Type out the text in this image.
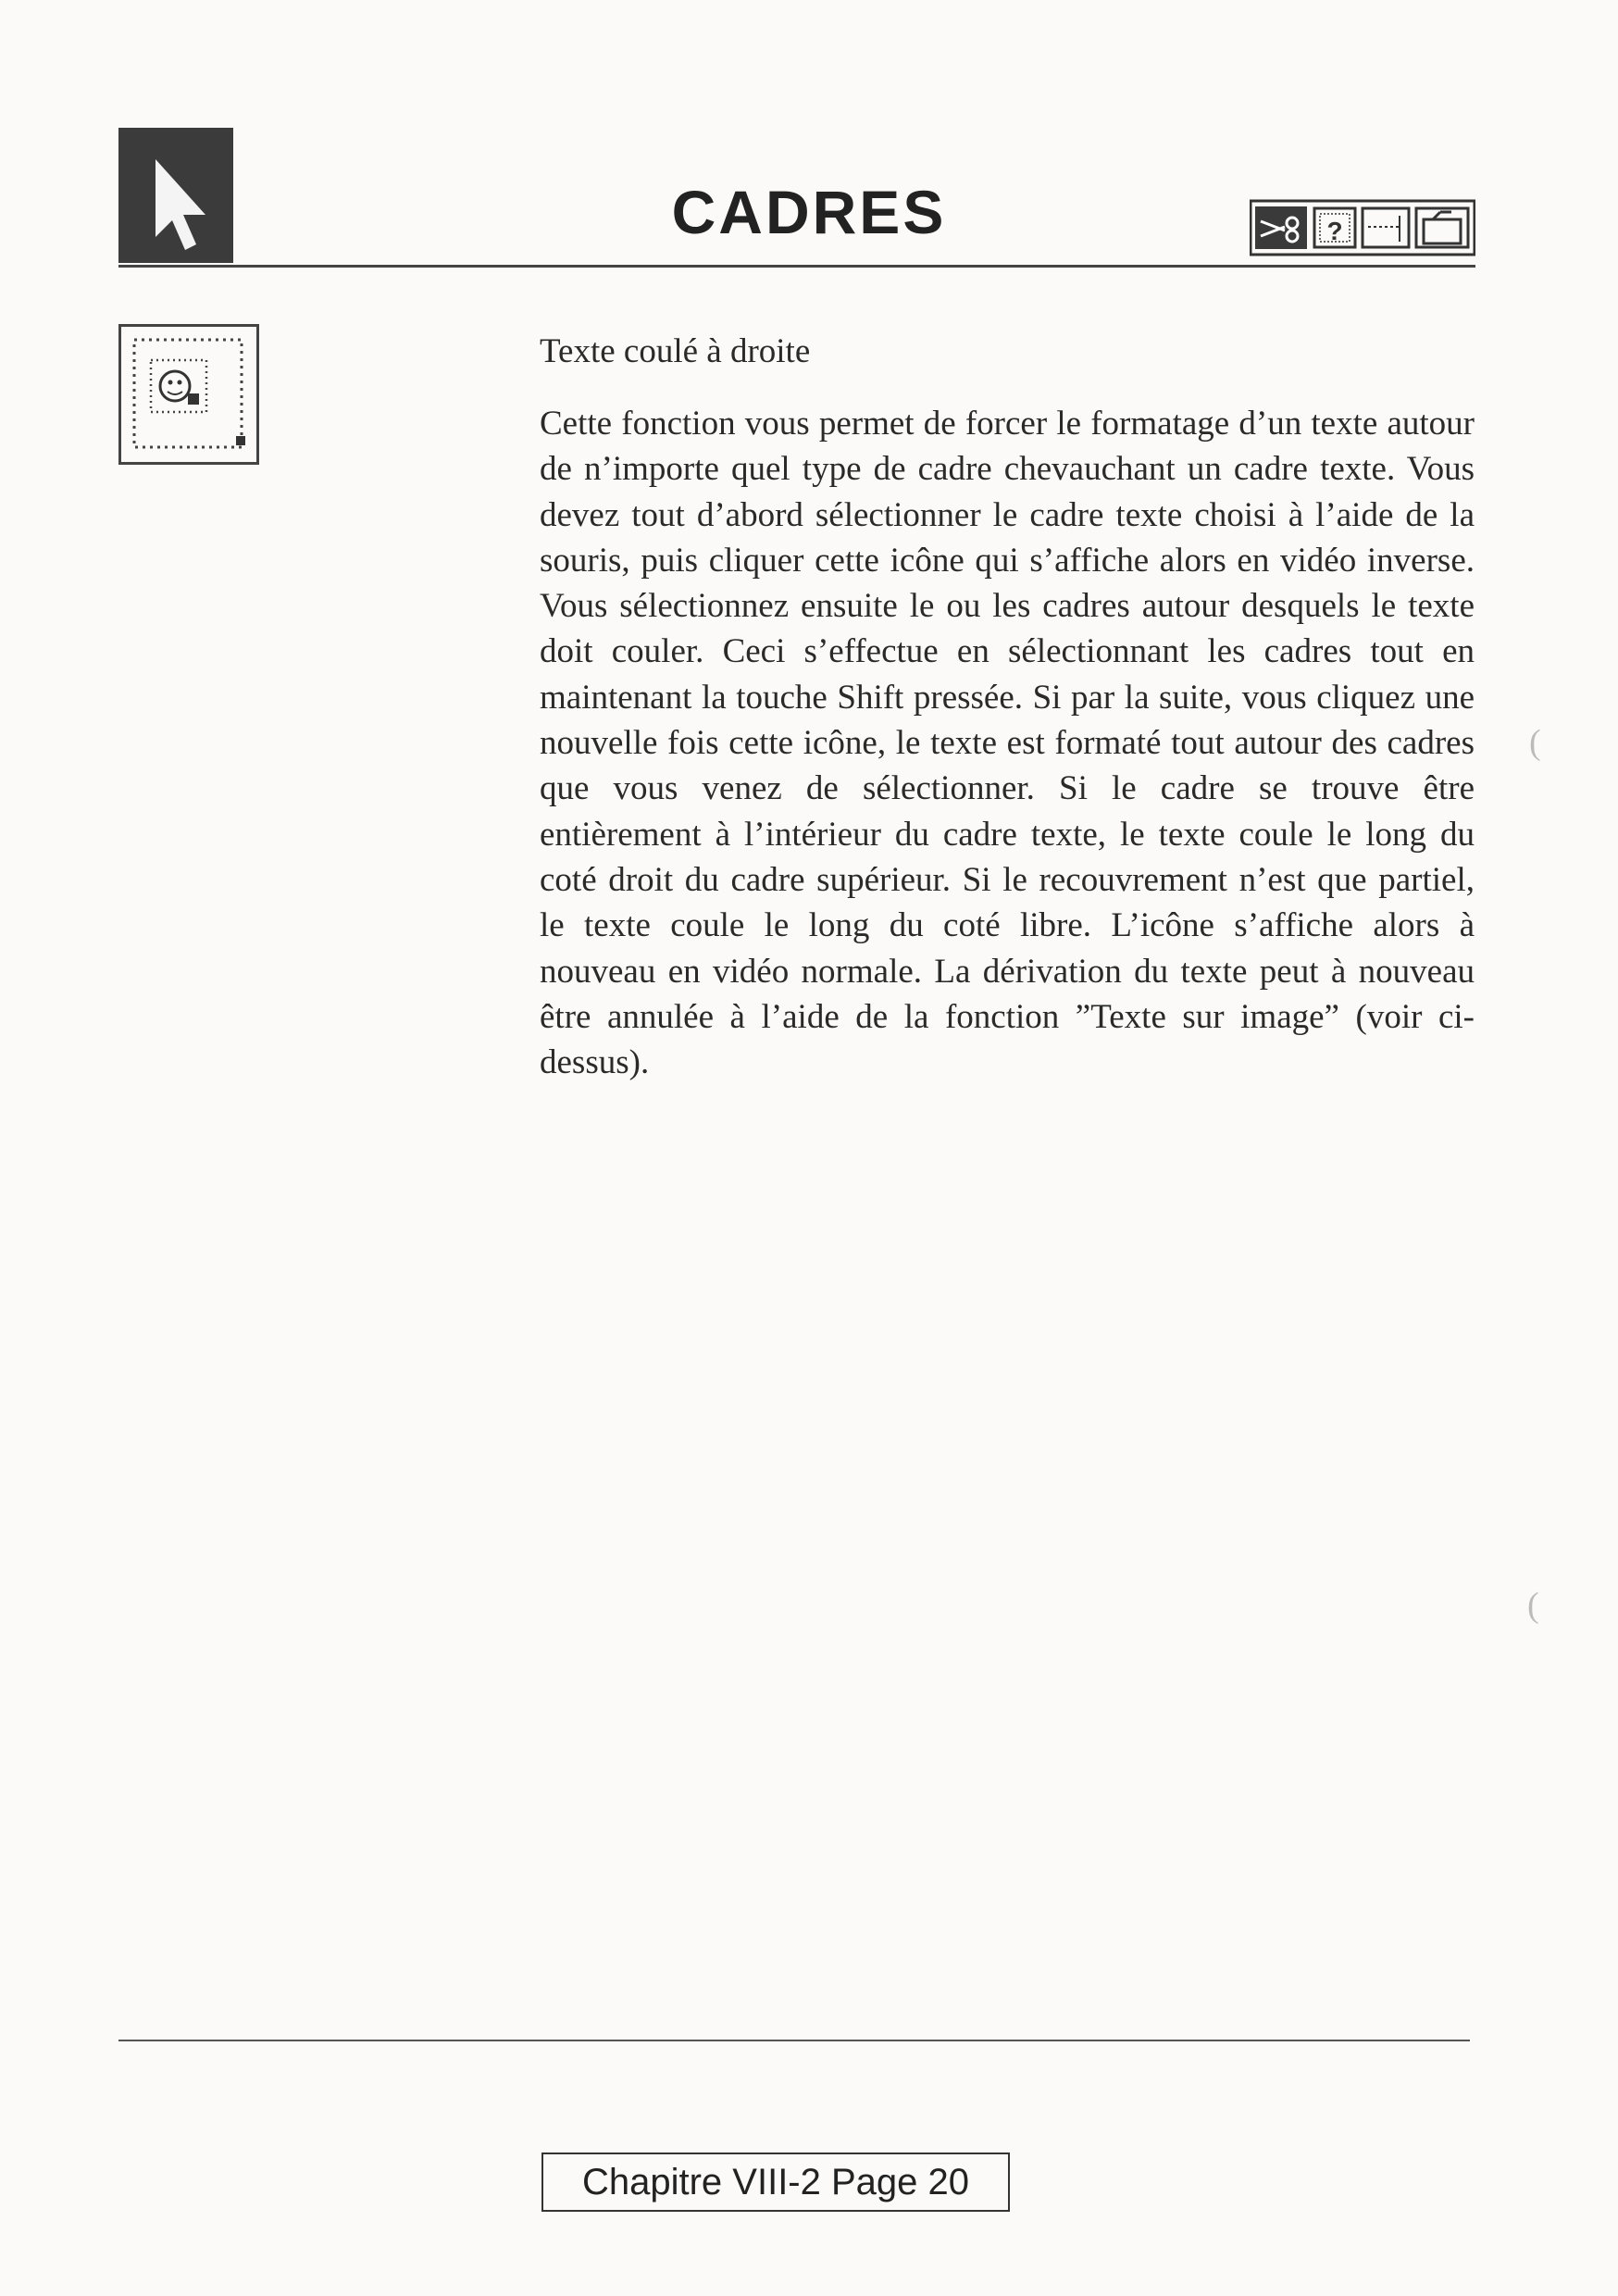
CADRES	?
Texte coulé à droite

Cette fonction vous permet de forcer le formatage d’un texte autour de n’importe quel type de cadre chevauchant un cadre texte. Vous devez tout d’abord sélectionner le cadre texte choisi à l’aide de la souris, puis cliquer cette icône qui s’affiche alors en vidéo inverse. Vous sélectionnez ensuite le ou les cadres autour desquels le texte doit couler. Ceci s’effectue en sélectionnant les cadres tout en maintenant la touche Shift pressée. Si par la suite, vous cliquez une nouvelle fois cette icône, le texte est formaté tout autour des cadres que vous venez de sélectionner. Si le cadre se trouve être entièrement à l’intérieur du cadre texte, le texte coule le long du coté droit du cadre supérieur. Si le recouvrement n’est que partiel, le texte coule le long du coté libre. L’icône s’affiche alors à nouveau en vidéo normale. La dérivation du texte peut à nouveau être annulée à l’aide de la fonction ”Texte sur image” (voir ci-dessus).

(
(
Chapitre VIII-2 Page 20
